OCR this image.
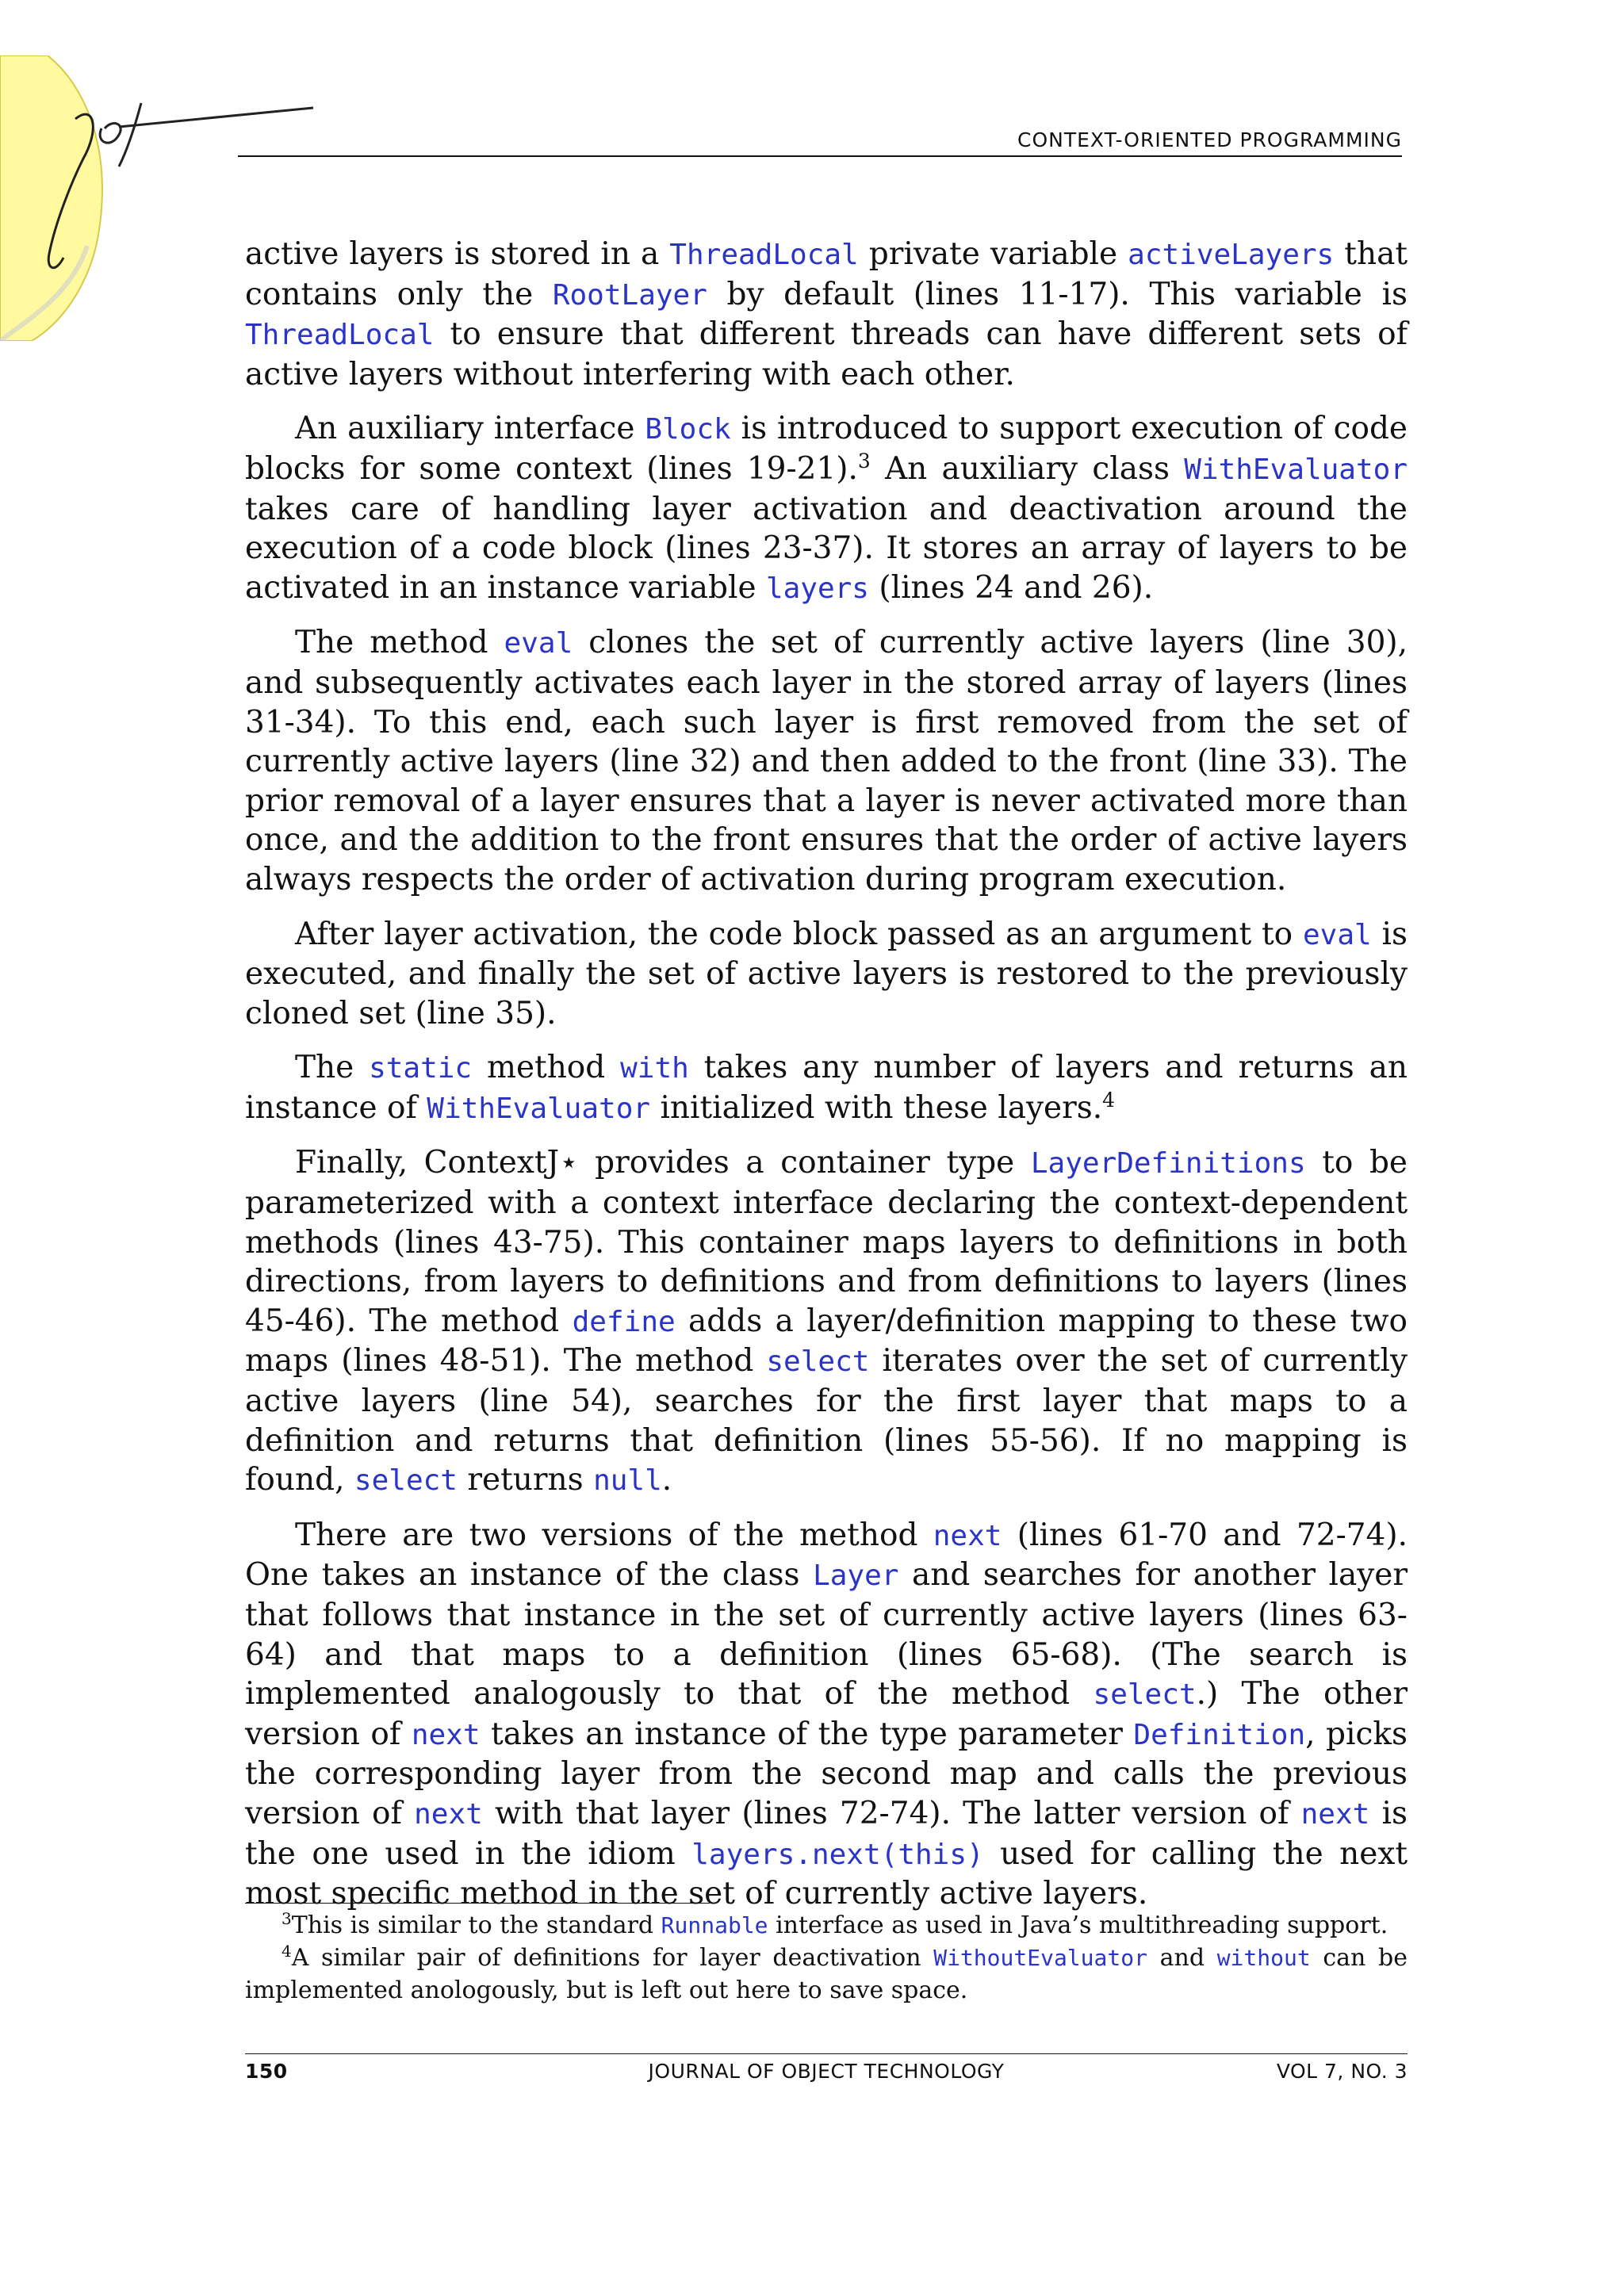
CONTEXT-ORIENTED PROGRAMMING

active layers is stored in a ThreadLocal private variable activeLayers that contains only the RootLayer by default (lines 11-17). This variable is ThreadLocal to ensure that different threads can have different sets of active layers without interfering with each other.

An auxiliary interface Block is introduced to support execution of code blocks for some context (lines 19-21).$^3$ An auxiliary class WithEvaluator takes care of handling layer activation and deactivation around the execution of a code block (lines 23-37). It stores an array of layers to be activated in an instance variable layers (lines 24 and 26).

The method eval clones the set of currently active layers (line 30), and subsequently activates each layer in the stored array of layers (lines 31-34). To this end, each such layer is first removed from the set of currently active layers (line 32) and then added to the front (line 33). The prior removal of a layer ensures that a layer is never activated more than once, and the addition to the front ensures that the order of active layers always respects the order of activation during program execution.

After layer activation, the code block passed as an argument to eval is executed, and finally the set of active layers is restored to the previously cloned set (line 35).

The static method with takes any number of layers and returns an instance of WithEvaluator initialized with these layers.$^4$

Finally, ContextJ⋆ provides a container type LayerDefinitions to be parameterized with a context interface declaring the context-dependent methods (lines 43-75). This container maps layers to definitions in both directions, from layers to definitions and from definitions to layers (lines 45-46). The method define adds a layer/definition mapping to these two maps (lines 48-51). The method select iterates over the set of currently active layers (line 54), searches for the first layer that maps to a definition and returns that definition (lines 55-56). If no mapping is found, select returns null.

There are two versions of the method next (lines 61-70 and 72-74). One takes an instance of the class Layer and searches for another layer that follows that instance in the set of currently active layers (lines 63-64) and that maps to a definition (lines 65-68). (The search is implemented analogously to that of the method select.) The other version of next takes an instance of the type parameter Definition, picks the corresponding layer from the second map and calls the previous version of next with that layer (lines 72-74). The latter version of next is the one used in the idiom layers.next(this) used for calling the next most specific method in the set of currently active layers.

$^3$This is similar to the standard Runnable interface as used in Java’s multithreading support.

$^4$A similar pair of definitions for layer deactivation WithoutEvaluator and without can be implemented anologously, but is left out here to save space.

JOURNAL OF OBJECT TECHNOLOGY
150	VOL 7, NO. 3
